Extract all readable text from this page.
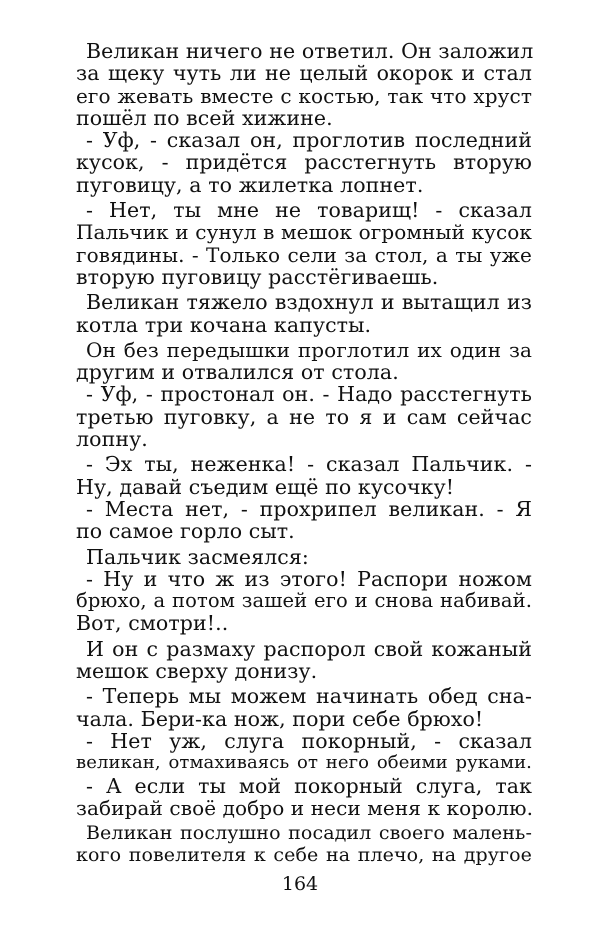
Великан ничего не ответил. Он заложил
за щеку чуть ли не целый окорок и стал
его жевать вместе с костью, так что хруст
пошёл по всей хижине.
- Уф, - сказал он, проглотив последний
кусок, - придётся расстегнуть вторую
пуговицу, а то жилетка лопнет.
- Нет, ты мне не товарищ! - сказал
Пальчик и сунул в мешок огромный кусок
говядины. - Только сели за стол, а ты уже
вторую пуговицу расстёгиваешь.
Великан тяжело вздохнул и вытащил из
котла три кочана капусты.
Он без передышки проглотил их один за
другим и отвалился от стола.
- Уф, - простонал он. - Надо расстегнуть
третью пуговку, а не то я и сам сейчас
лопну.
- Эх ты, неженка! - сказал Пальчик. -
Ну, давай съедим ещё по кусочку!
- Места нет, - прохрипел великан. - Я
по самое горло сыт.
Пальчик засмеялся:
- Ну и что ж из этого! Распори ножом
брюхо, а потом зашей его и снова набивай.
Вот, смотри!..
И он с размаху распорол свой кожаный
мешок сверху донизу.
- Теперь мы можем начинать обед сна-
чала. Бери-ка нож, пори себе брюхо!
- Нет уж, слуга покорный, - сказал
великан, отмахиваясь от него обеими руками.
- А если ты мой покорный слуга, так
забирай своё добро и неси меня к королю.
Великан послушно посадил своего малень-
кого повелителя к себе на плечо, на другое
164
